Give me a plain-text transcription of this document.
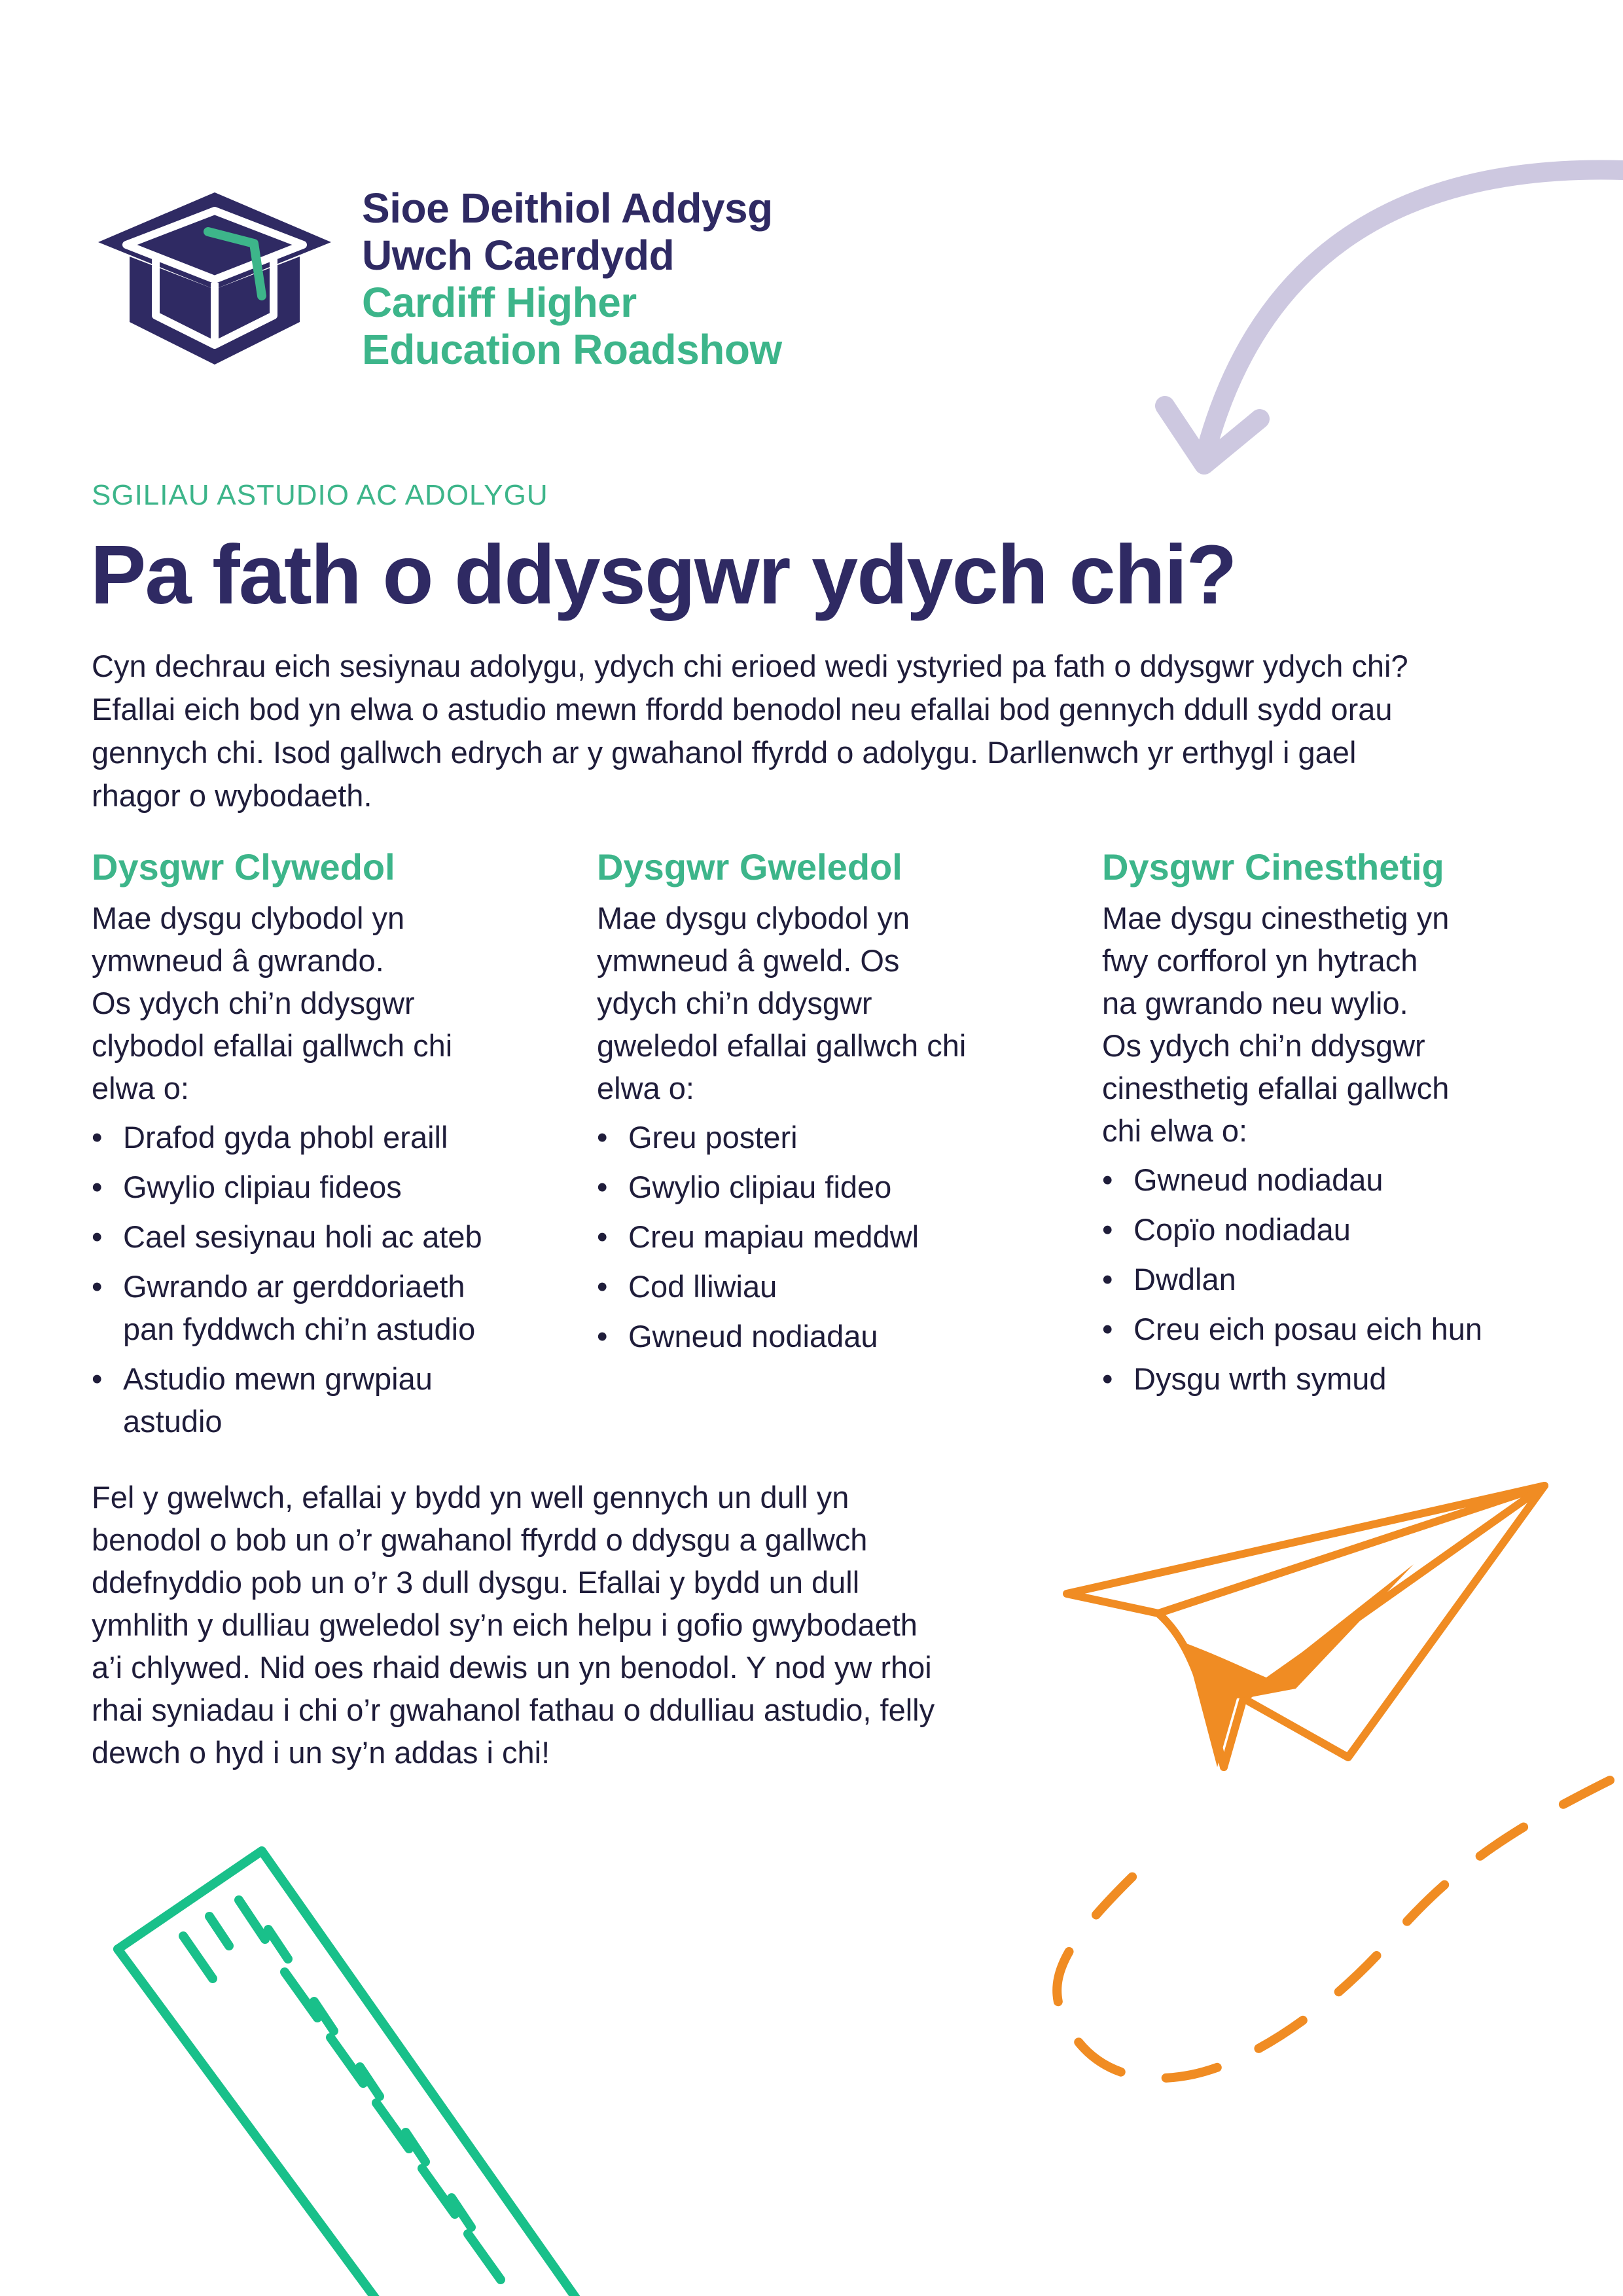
Sioe Deithiol Addysg
Uwch Caerdydd
Cardiff Higher
Education Roadshow
SGILIAU ASTUDIO AC ADOLYGU
Pa fath o ddysgwr ydych chi?
Cyn dechrau eich sesiynau adolygu, ydych chi erioed wedi ystyried pa fath o ddysgwr ydych chi?
Efallai eich bod yn elwa o astudio mewn ffordd benodol neu efallai bod gennych ddull sydd orau
gennych chi. Isod gallwch edrych ar y gwahanol ffyrdd o adolygu. Darllenwch yr erthygl i gael
rhagor o wybodaeth.
Dysgwr Clywedol
Mae dysgu clybodol yn
ymwneud â gwrando.
Os ydych chi’n ddysgwr
clybodol efallai gallwch chi
elwa o:
• Drafod gyda phobl eraill
• Gwylio clipiau fideos
• Cael sesiynau holi ac ateb
• Gwrando ar gerddoriaeth
pan fyddwch chi’n astudio
• Astudio mewn grwpiau
astudio
Dysgwr Gweledol
Mae dysgu clybodol yn
ymwneud â gweld. Os
ydych chi’n ddysgwr
gweledol efallai gallwch chi
elwa o:
• Greu posteri
• Gwylio clipiau fideo
• Creu mapiau meddwl
• Cod lliwiau
• Gwneud nodiadau
Dysgwr Cinesthetig
Mae dysgu cinesthetig yn
fwy corfforol yn hytrach
na gwrando neu wylio.
Os ydych chi’n ddysgwr
cinesthetig efallai gallwch
chi elwa o:
• Gwneud nodiadau
• Copïo nodiadau
• Dwdlan
• Creu eich posau eich hun
• Dysgu wrth symud
Fel y gwelwch, efallai y bydd yn well gennych un dull yn
benodol o bob un o’r gwahanol ffyrdd o ddysgu a gallwch
ddefnyddio pob un o’r 3 dull dysgu. Efallai y bydd un dull
ymhlith y dulliau gweledol sy’n eich helpu i gofio gwybodaeth
a’i chlywed. Nid oes rhaid dewis un yn benodol. Y nod yw rhoi
rhai syniadau i chi o’r gwahanol fathau o ddulliau astudio, felly
dewch o hyd i un sy’n addas i chi!
